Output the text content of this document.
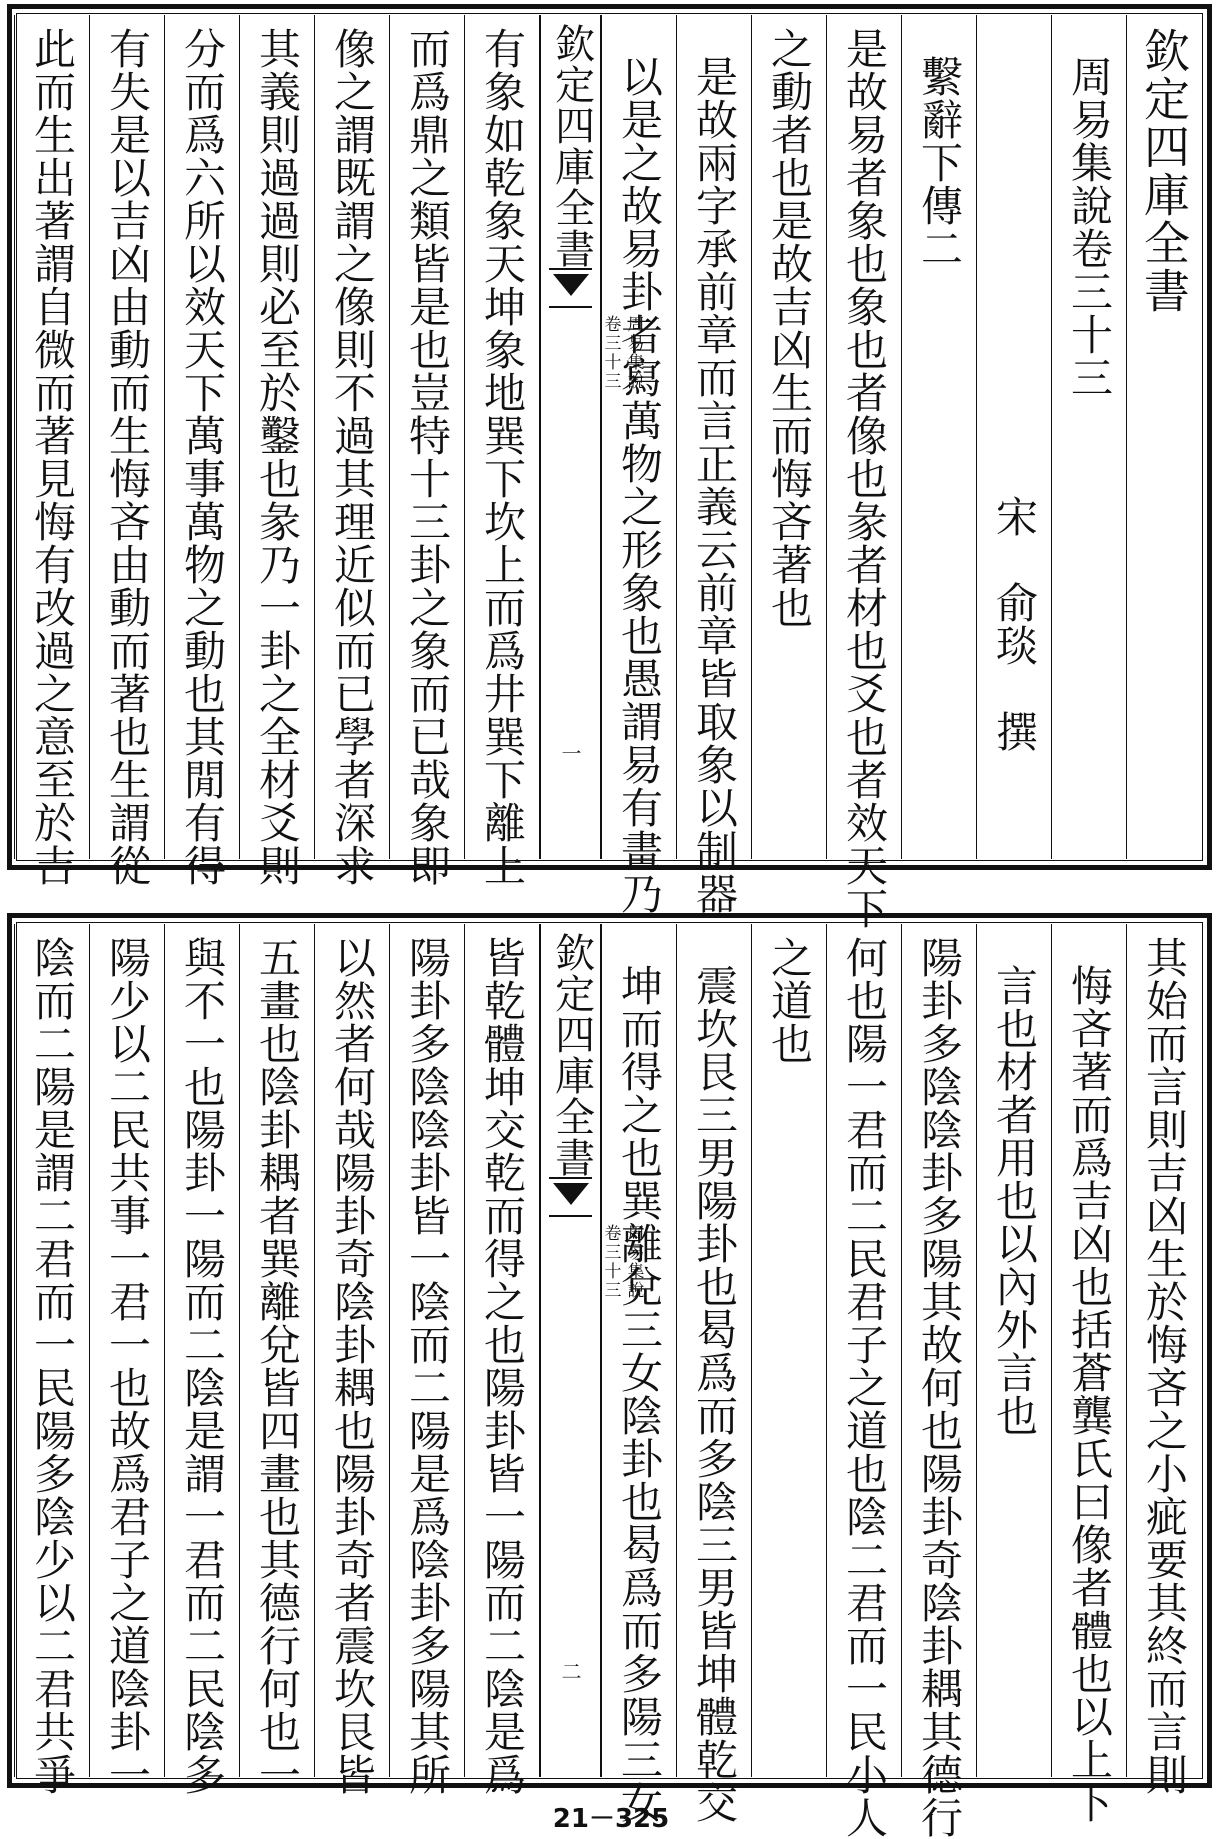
欽定四庫全書
周易集說卷三十三
宋　俞琰　撰
繫辭下傳二
是故易者象也象也者像也彖者材也爻也者效天下
之動者也是故吉凶生而悔吝著也
是故兩字承前章而言正義云前章皆取象以制器
以是之故易卦者寫萬物之形象也愚謂易有畫乃
欽定四庫全書
周易集說
卷三十三
一
有象如乾象天坤象地巽下坎上而爲井巽下離上
而爲鼎之類皆是也豈特十三卦之象而已哉象即
像之謂既謂之像則不過其理近似而已學者深求
其義則過過則必至於鑿也彖乃一卦之全材爻則
分而爲六所以效天下萬事萬物之動也其閒有得
有失是以吉凶由動而生悔吝由動而著也生謂從
此而生出著謂自微而著見悔有改過之意至於吉
其始而言則吉凶生於悔吝之小疵要其終而言則
悔吝著而爲吉凶也括蒼龔氏曰像者體也以上下
言也材者用也以內外言也
陽卦多陰陰卦多陽其故何也陽卦奇陰卦耦其德行
何也陽一君而二民君子之道也陰二君而一民小人
之道也
震坎艮三男陽卦也曷爲而多陰三男皆坤體乾交
坤而得之也巽離兌三女陰卦也曷爲而多陽三女
欽定四庫全書
周易集說
卷三十三
二
皆乾體坤交乾而得之也陽卦皆一陽而二陰是爲
陽卦多陰陰卦皆一陰而二陽是爲陰卦多陽其所
以然者何哉陽卦奇陰卦耦也陽卦奇者震坎艮皆
五畫也陰卦耦者巽離兌皆四畫也其德行何也一
與不一也陽卦一陽而二陰是謂一君而二民陰多
陽少以二民共事一君一也故爲君子之道陰卦一
陰而二陽是謂二君而一民陽多陰少以二君共爭
21－325
